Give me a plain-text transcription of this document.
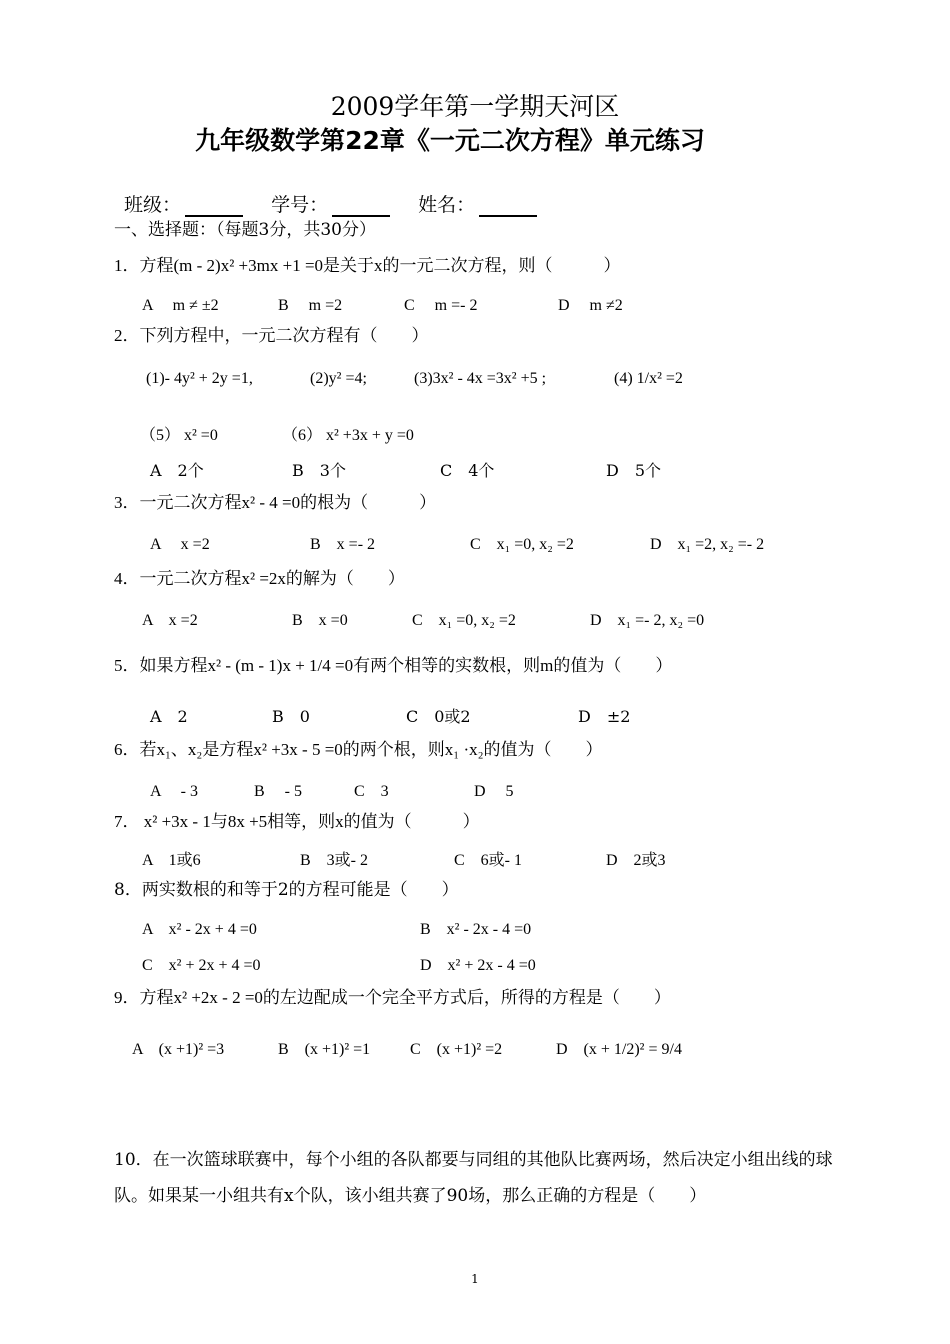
2009学年第一学期天河区
九年级数学第22章《一元二次方程》单元练习
班级：	学号：	姓名：
一、选择题：（每题3分，共30分）
1．方程(m - 2)x² +3mx +1 =0是关于x的一元二次方程，则（　　　）
A　 m ≠ ±2	B　 m =2	C　 m =- 2	D　 m ≠2
2．下列方程中，一元二次方程有（　　）
(1)- 4y² + 2y =1,	(2)y² =4;	(3)3x² - 4x =3x² +5 ;	(4) 1/x² =2
（5） x² =0	（6） x² +3x + y =0
A　2个	B　3个	C　4个	D　5个
3．一元二次方程x² - 4 =0的根为（　　　）
A　 x =2	B　x =- 2	C　x₁ =0, x₂ =2	D　x₁ =2, x₂ =- 2
4．一元二次方程x² =2x的解为（　　）
A　x =2	B　x =0	C　x₁ =0, x₂ =2	D　x₁ =- 2, x₂ =0
5．如果方程x² - (m - 1)x + 1/4 =0有两个相等的实数根，则m的值为（　　）
A　2	B　0	C　0或2	D　±2
6．若x₁、x₂是方程x² +3x - 5 =0的两个根，则x₁ ·x₂的值为（　　）
A　 - 3	B　 - 5	C　3	D　 5
7． x² +3x - 1与8x +5相等，则x的值为（　　　）
A　1或6	B　3或- 2	C　6或- 1	D　2或3
8．两实数根的和等于2的方程可能是（　　）
A　x² - 2x + 4 =0	B　x² - 2x - 4 =0
C　x² + 2x + 4 =0	D　x² + 2x - 4 =0
9．方程x² +2x - 2 =0的左边配成一个完全平方式后，所得的方程是（　　）
A　(x +1)² =3	B　(x +1)² =1 C　(x +1)² =2	D　(x + 1/2)² = 9/4
10．在一次篮球联赛中，每个小组的各队都要与同组的其他队比赛两场，然后决定小组出线的球队。如果某一小组共有x个队，该小组共赛了90场，那么正确的方程是（　　）
1
